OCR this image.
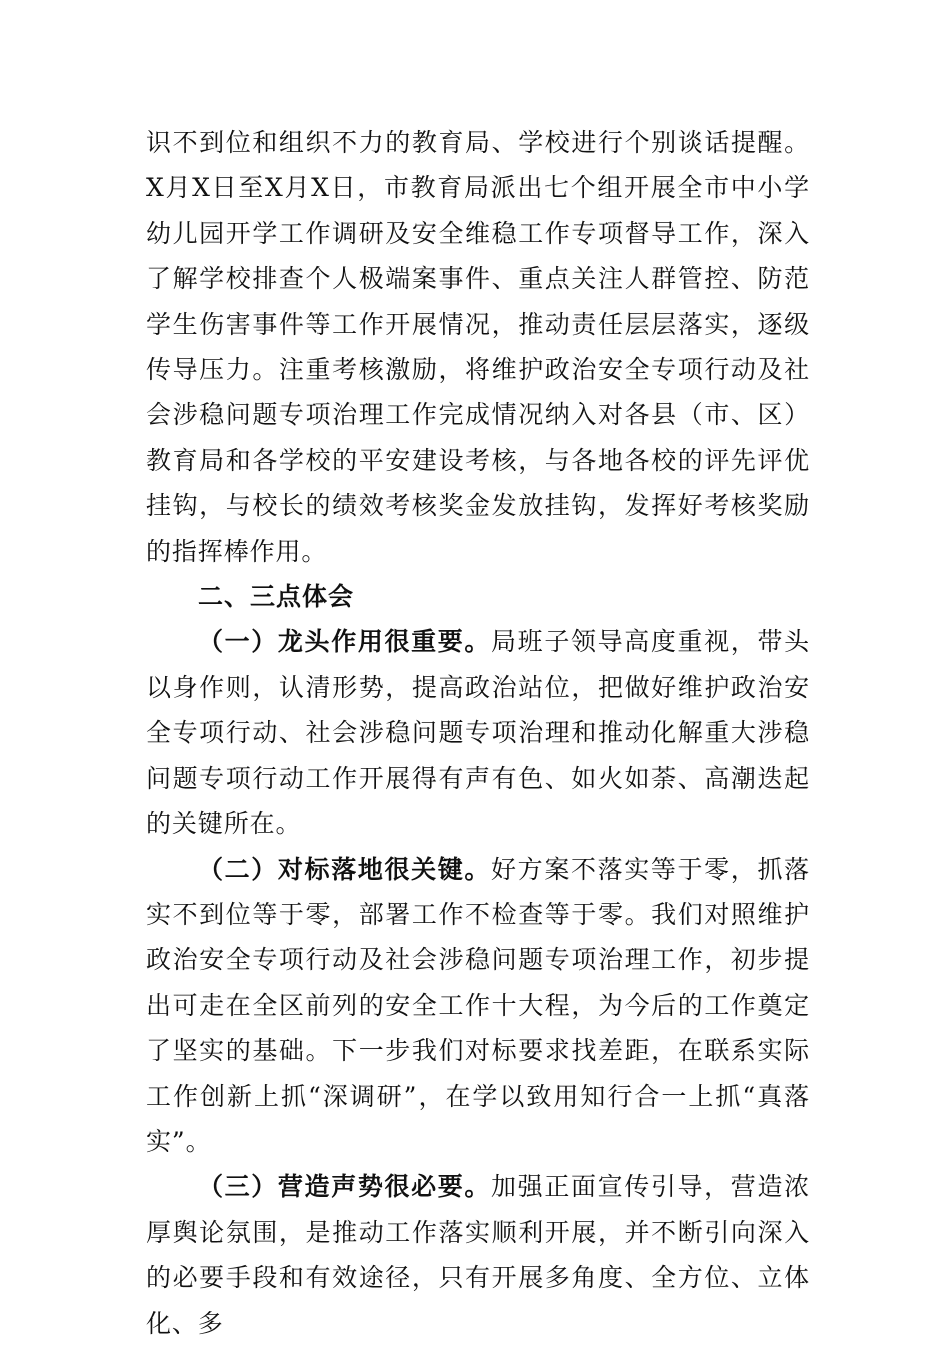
识不到位和组织不力的教育局、学校进行个别谈话提醒。X月X日至X月X日，市教育局派出七个组开展全市中小学幼儿园开学工作调研及安全维稳工作专项督导工作，深入了解学校排查个人极端案事件、重点关注人群管控、防范学生伤害事件等工作开展情况，推动责任层层落实，逐级传导压力。注重考核激励，将维护政治安全专项行动及社会涉稳问题专项治理工作完成情况纳入对各县（市、区）教育局和各学校的平安建设考核，与各地各校的评先评优挂钩，与校长的绩效考核奖金发放挂钩，发挥好考核奖励的指挥棒作用。

二、三点体会

（一）龙头作用很重要。局班子领导高度重视，带头以身作则，认清形势，提高政治站位，把做好维护政治安全专项行动、社会涉稳问题专项治理和推动化解重大涉稳问题专项行动工作开展得有声有色、如火如荼、高潮迭起的关键所在。

（二）对标落地很关键。好方案不落实等于零，抓落实不到位等于零，部署工作不检查等于零。我们对照维护政治安全专项行动及社会涉稳问题专项治理工作，初步提出可走在全区前列的安全工作十大程，为今后的工作奠定了坚实的基础。下一步我们对标要求找差距，在联系实际工作创新上抓“深调研”，在学以致用知行合一上抓“真落实”。

（三）营造声势很必要。加强正面宣传引导，营造浓厚舆论氛围，是推动工作落实顺利开展，并不断引向深入的必要手段和有效途径，只有开展多角度、全方位、立体化、多
